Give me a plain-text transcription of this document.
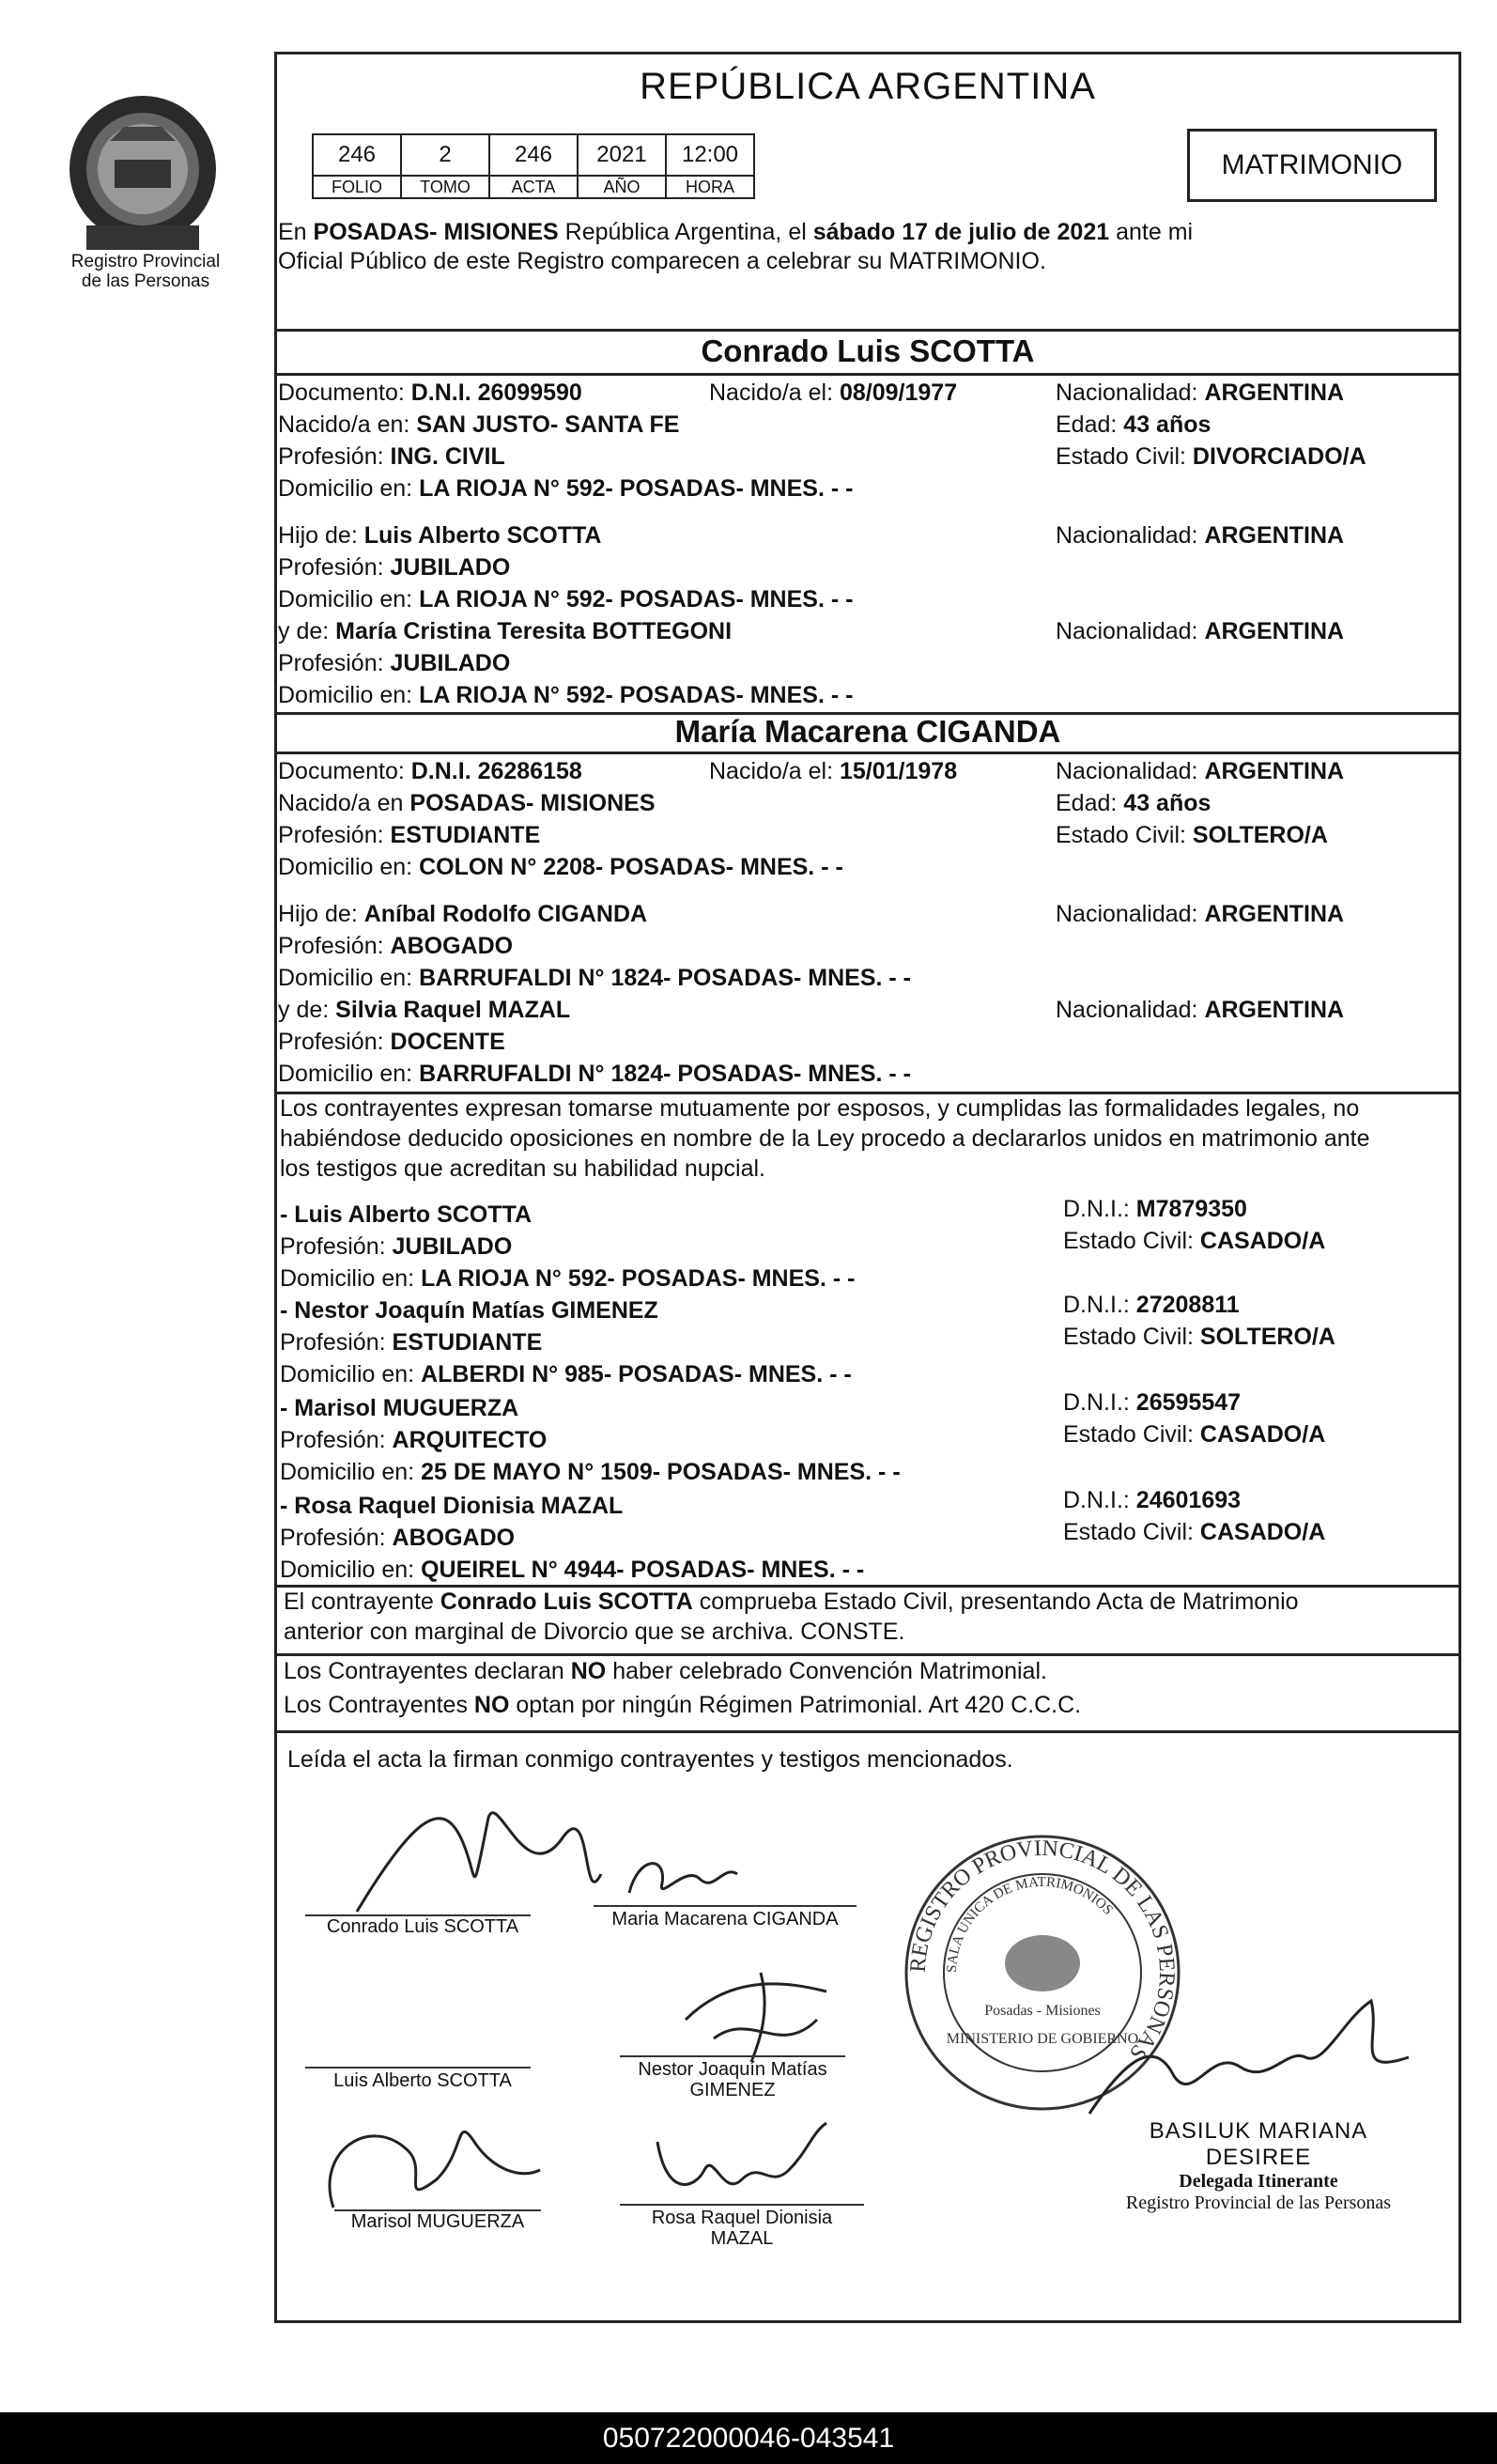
Registro Provincial
de las Personas
REPÚBLICA ARGENTINA
246	2	246	2021	12:00
FOLIO	TOMO	ACTA	AÑO	HORA
MATRIMONIO
En POSADAS- MISIONES República Argentina, el sábado 17 de julio de 2021 ante mi
Oficial Público de este Registro comparecen a celebrar su MATRIMONIO.
Conrado Luis SCOTTA
Documento: D.N.I. 26099590	Nacido/a el: 08/09/1977	Nacionalidad: ARGENTINA
Nacido/a en: SAN JUSTO- SANTA FE	Edad: 43 años
Profesión: ING. CIVIL	Estado Civil: DIVORCIADO/A
Domicilio en: LA RIOJA N° 592- POSADAS- MNES. - -
Hijo de: Luis Alberto SCOTTA	Nacionalidad: ARGENTINA
Profesión: JUBILADO
Domicilio en: LA RIOJA N° 592- POSADAS- MNES. - -
y de: María Cristina Teresita BOTTEGONI	Nacionalidad: ARGENTINA
Profesión: JUBILADO
Domicilio en: LA RIOJA N° 592- POSADAS- MNES. - -
María Macarena CIGANDA
Documento: D.N.I. 26286158	Nacido/a el: 15/01/1978	Nacionalidad: ARGENTINA
Nacido/a en POSADAS- MISIONES	Edad: 43 años
Profesión: ESTUDIANTE	Estado Civil: SOLTERO/A
Domicilio en: COLON N° 2208- POSADAS- MNES. - -
Hijo de: Aníbal Rodolfo CIGANDA	Nacionalidad: ARGENTINA
Profesión: ABOGADO
Domicilio en: BARRUFALDI N° 1824- POSADAS- MNES. - -
y de: Silvia Raquel MAZAL	Nacionalidad: ARGENTINA
Profesión: DOCENTE
Domicilio en: BARRUFALDI N° 1824- POSADAS- MNES. - -
Los contrayentes expresan tomarse mutuamente por esposos, y cumplidas las formalidades legales, no
habiéndose deducido oposiciones en nombre de la Ley procedo a declararlos unidos en matrimonio ante
los testigos que acreditan su habilidad nupcial.
- Luis Alberto SCOTTA	D.N.I.: M7879350
Profesión: JUBILADO	Estado Civil: CASADO/A
Domicilio en: LA RIOJA N° 592- POSADAS- MNES. - -
- Nestor Joaquín Matías GIMENEZ	D.N.I.: 27208811
Profesión: ESTUDIANTE	Estado Civil: SOLTERO/A
Domicilio en: ALBERDI N° 985- POSADAS- MNES. - -
- Marisol MUGUERZA	D.N.I.: 26595547
Profesión: ARQUITECTO	Estado Civil: CASADO/A
Domicilio en: 25 DE MAYO N° 1509- POSADAS- MNES. - -
- Rosa Raquel Dionisia MAZAL	D.N.I.: 24601693
Profesión: ABOGADO	Estado Civil: CASADO/A
Domicilio en: QUEIREL N° 4944- POSADAS- MNES. - -
El contrayente Conrado Luis SCOTTA comprueba Estado Civil, presentando Acta de Matrimonio
anterior con marginal de Divorcio que se archiva. CONSTE.
Los Contrayentes declaran NO haber celebrado Convención Matrimonial.
Los Contrayentes NO optan por ningún Régimen Patrimonial. Art 420 C.C.C.
Leída el acta la firman conmigo contrayentes y testigos mencionados.
Conrado Luis SCOTTA	Maria Macarena CIGANDA
Luis Alberto SCOTTA
Nestor Joaquín Matías
GIMENEZ
Marisol MUGUERZA	Rosa Raquel Dionisia
MAZAL
REGISTRO PROVINCIAL DE LAS PERSONAS
SALA UNICA DE MATRIMONIOS
MINISTERIO DE GOBIERNO
Posadas - Misiones
BASILUK MARIANA DESIREE
Delegada Itinerante
Registro Provincial de las Personas
050722000046-043541
